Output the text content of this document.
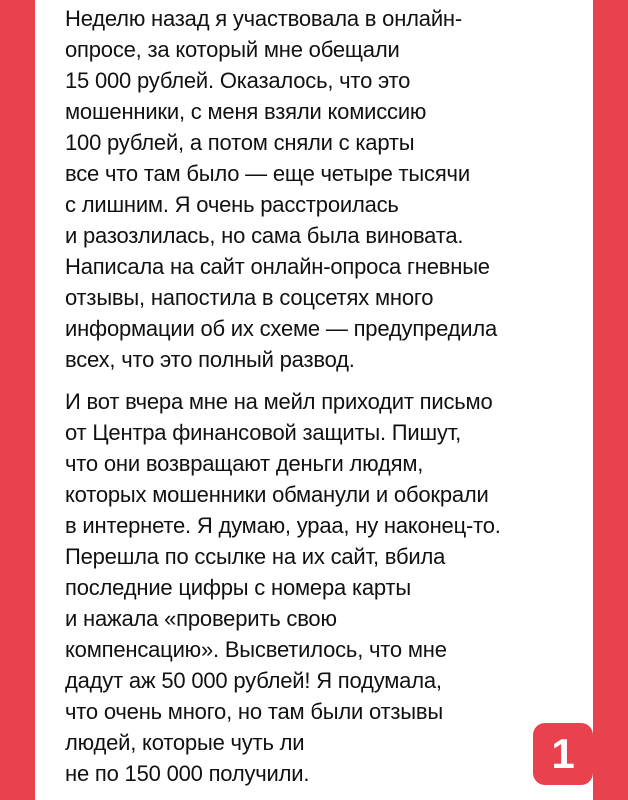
Неделю назад я участвовала в онлайн-
опросе, за который мне обещали
15 000 рублей. Оказалось, что это
мошенники, с меня взяли комиссию
100 рублей, а потом сняли с карты
все что там было — еще четыре тысячи
с лишним. Я очень расстроилась
и разозлилась, но сама была виновата.
Написала на сайт онлайн-опроса гневные
отзывы, напостила в соцсетях много
информации об их схеме — предупредила
всех, что это полный развод.
И вот вчера мне на мейл приходит письмо
от Центра финансовой защиты. Пишут,
что они возвращают деньги людям,
которых мошенники обманули и обокрали
в интернете. Я думаю, ураа, ну наконец-то.
Перешла по ссылке на их сайт, вбила
последние цифры с номера карты
и нажала «проверить свою
компенсацию». Высветилось, что мне
дадут аж 50 000 рублей! Я подумала,
что очень много, но там были отзывы
людей, которые чуть ли
не по 150 000 получили.	1
